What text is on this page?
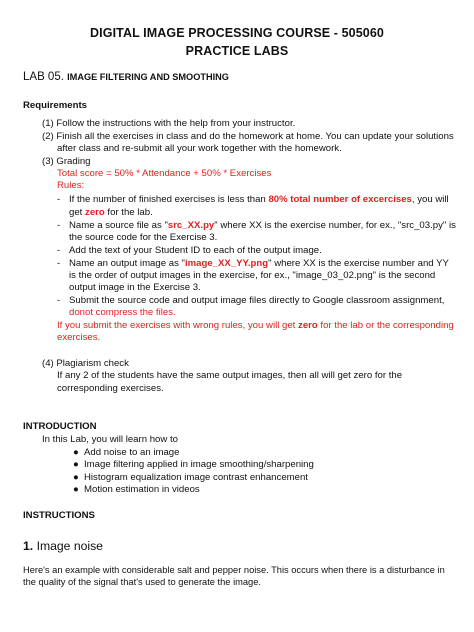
DIGITAL IMAGE PROCESSING COURSE - 505060
PRACTICE LABS
LAB 05. IMAGE FILTERING AND SMOOTHING
Requirements
(1) Follow the instructions with the help from your instructor.
(2) Finish all the exercises in class and do the homework at home. You can update your solutions
after class and re-submit all your work together with the homework.
(3) Grading
Total score = 50% * Attendance + 50% * Exercises
Rules:
- If the number of finished exercises is less than 80% total number of excercises, you will
get zero for the lab.
- Name a source file as "src_XX.py" where XX is the exercise number, for ex., "src_03.py" is
the source code for the Exercise 3.
- Add the text of your Student ID to each of the output image.
- Name an output image as "image_XX_YY.png" where XX is the exercise number and YY
is the order of output images in the exercise, for ex., "image_03_02.png" is the second
output image in the Exercise 3.
- Submit the source code and output image files directly to Google classroom assignment,
donot compress the files.
If you submit the exercises with wrong rules, you will get zero for the lab or the corresponding
exercises.
(4) Plagiarism check
If any 2 of the students have the same output images, then all will get zero for the
corresponding exercises.
INTRODUCTION
In this Lab, you will learn how to
● Add noise to an image
● Image filtering applied in image smoothing/sharpening
● Histogram equalization image contrast enhancement
● Motion estimation in videos
INSTRUCTIONS
1. Image noise
Here's an example with considerable salt and pepper noise. This occurs when there is a disturbance in
the quality of the signal that's used to generate the image.
